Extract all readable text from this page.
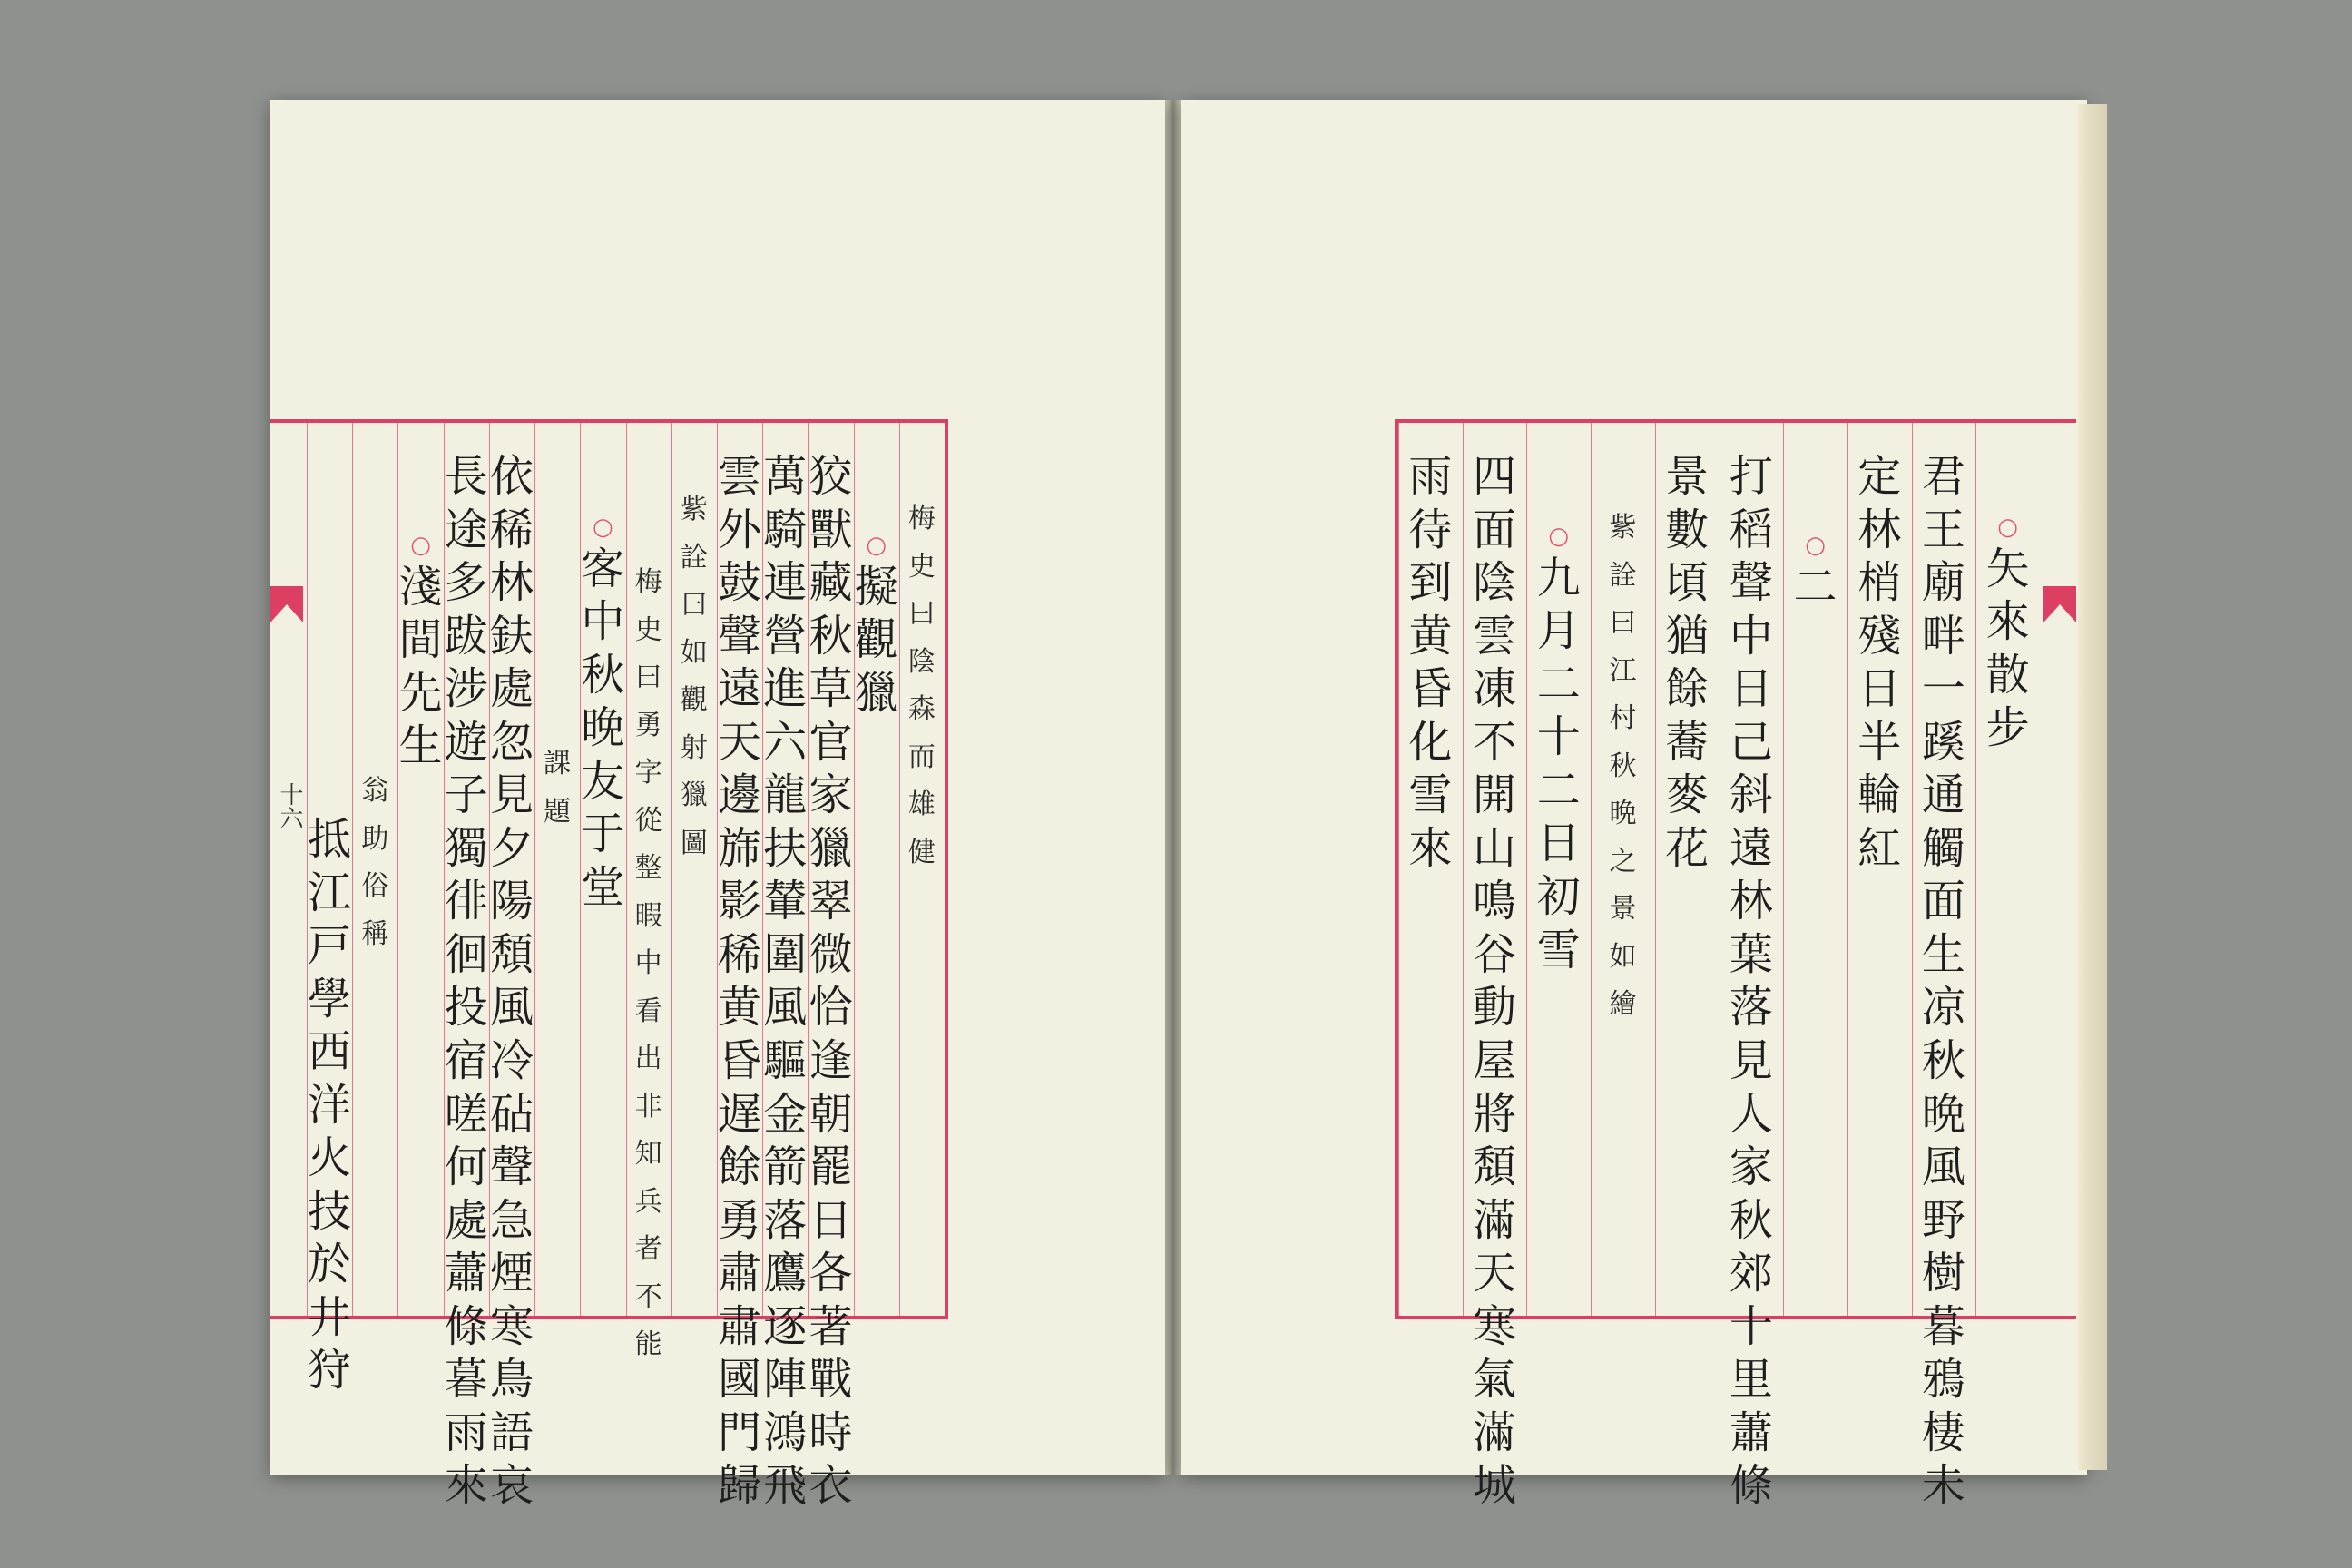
十六
梅
史
曰
陰
森
而
雄
健
○
擬
觀
獵
狡
獸
藏
秋
草
官
家
獵
翠
微
恰
逢
朝
罷
日
各
著
戰
時
衣
萬
騎
連
營
進
六
龍
扶
輦
圍
風
驅
金
箭
落
鷹
逐
陣
鴻
飛
雲
外
鼓
聲
遠
天
邊
旆
影
稀
黄
昏
遅
餘
勇
肅
肅
國
門
歸
紫
詮
曰
如
觀
射
獵
圖
梅
史
曰
勇
字
從
整
暇
中
看
出
非
知
兵
者
不
能
○
客
中
秋
晚
友
于
堂
課
題
依
稀
林
鈇
處
忽
見
夕
陽
頽
風
冷
砧
聲
急
煙
寒
鳥
語
哀
長
途
多
跋
涉
遊
子
獨
徘
徊
投
宿
嗟
何
處
蕭
條
暮
雨
來
○
淺
間
先
生
翁
助
俗
稱
抵
江
戸
學
西
洋
火
技
於
井
狩
○
矢
來
散
步
君
王
廟
畔
一
蹊
通
觸
面
生
凉
秋
晩
風
野
樹
暮
鴉
棲
未
定
林
梢
殘
日
半
輪
紅
○
二
打
稻
聲
中
日
己
斜
遠
林
葉
落
見
人
家
秋
郊
十
里
蕭
條
景
數
頃
猶
餘
蕎
麥
花
紫
詮
曰
江
村
秋
晩
之
景
如
繪
○
九
月
二
十
二
日
初
雪
四
面
陰
雲
凍
不
開
山
鳴
谷
動
屋
將
頽
滿
天
寒
氣
滿
城
雨
待
到
黄
昏
化
雪
來
